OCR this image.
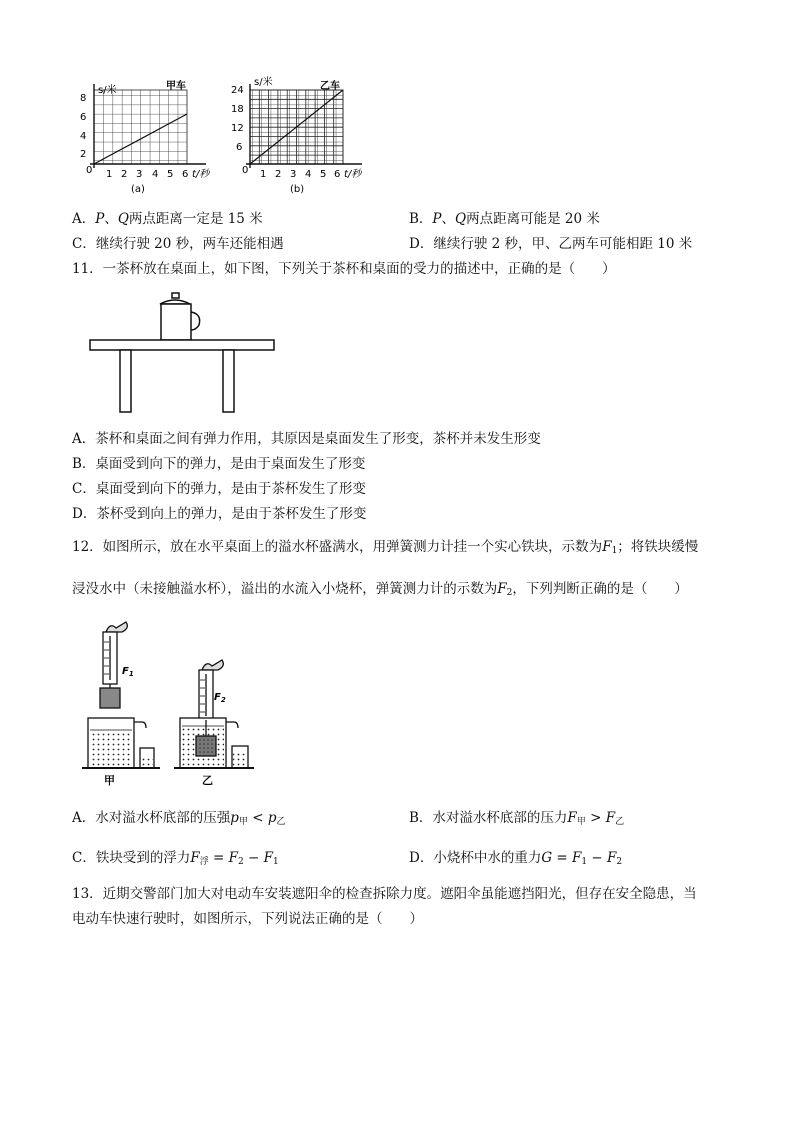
s/米	甲车
8
6
4
2
0 1 2 3 4 5 6 t/秒
(a)
s/米	乙车
24
18
12
6
0 1 2 3 4 5 6 t/秒
(b)
A．P、Q两点距离一定是 15 米	B．P、Q两点距离可能是 20 米
C．继续行驶 20 秒，两车还能相遇	D．继续行驶 2 秒，甲、乙两车可能相距 10 米
11．一茶杯放在桌面上，如下图，下列关于茶杯和桌面的受力的描述中，正确的是（　　）
A．茶杯和桌面之间有弹力作用，其原因是桌面发生了形变，茶杯并未发生形变
B．桌面受到向下的弹力，是由于桌面发生了形变
C．桌面受到向下的弹力，是由于茶杯发生了形变
D．茶杯受到向上的弹力，是由于茶杯发生了形变
12．如图所示，放在水平桌面上的溢水杯盛满水，用弹簧测力计挂一个实心铁块，示数为$F_1$；将铁块缓慢
浸没水中（未接触溢水杯），溢出的水流入小烧杯，弹簧测力计的示数为$F_2$，下列判断正确的是（　　）
$F_1$
甲
$F_2$
乙
A．水对溢水杯底部的压强$p_甲 < p_乙$	B．水对溢水杯底部的压力$F_甲 > F_乙$
C．铁块受到的浮力$F_浮 = F_2 - F_1$	D．小烧杯中水的重力$G = F_1 - F_2$
13．近期交警部门加大对电动车安装遮阳伞的检查拆除力度。遮阳伞虽能遮挡阳光，但存在安全隐患，当
电动车快速行驶时，如图所示，下列说法正确的是（　　）
